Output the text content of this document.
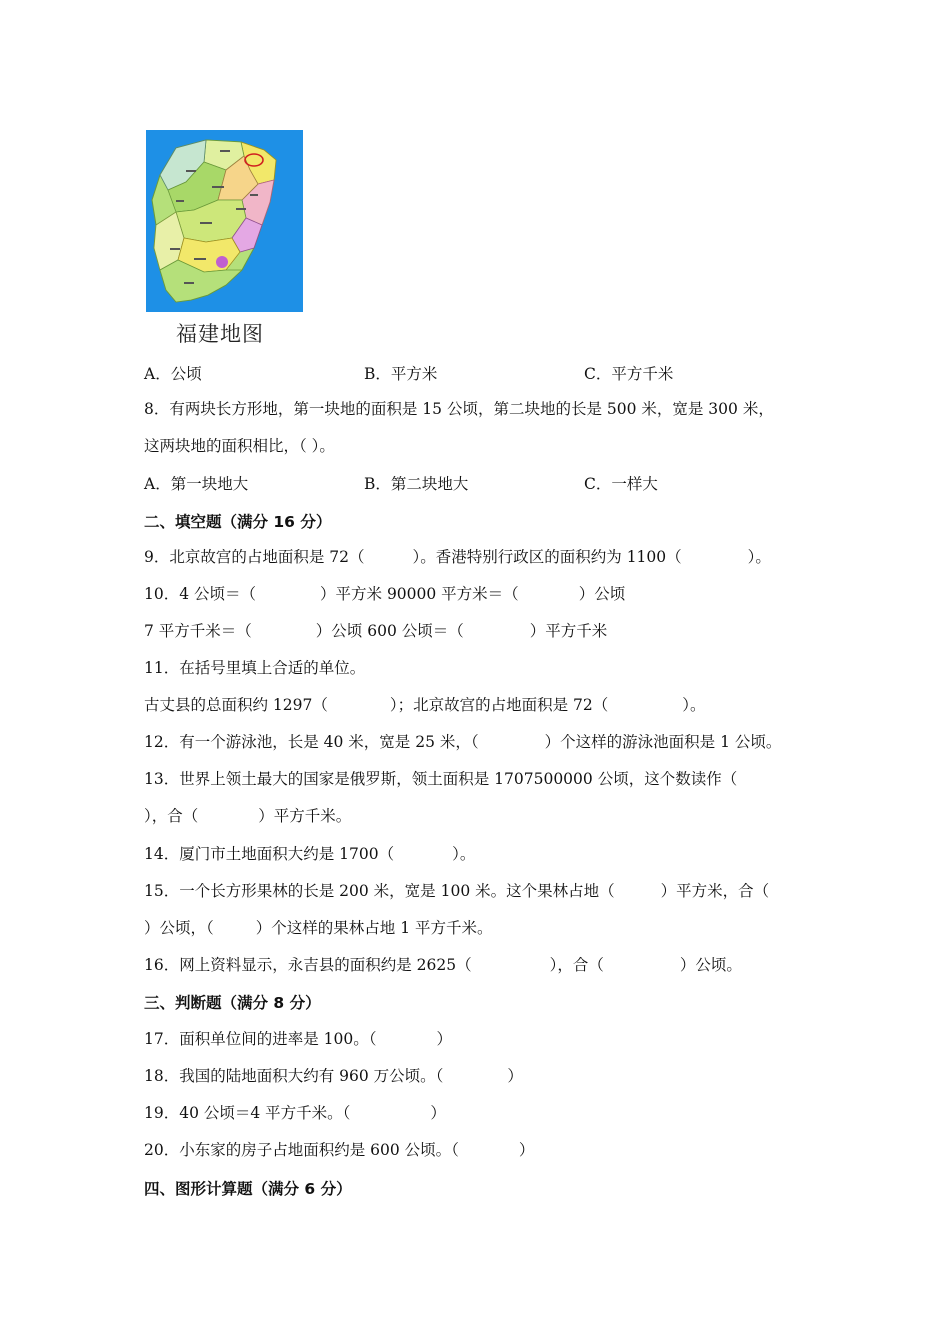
福建地图
A．公顷	B．平方米	C．平方千米
8．有两块长方形地，第一块地的面积是 15 公顷，第二块地的长是 500 米，宽是 300 米，
这两块地的面积相比，（ ）。
A．第一块地大	B．第二块地大	C．一样大
二、填空题（满分 16 分）
9．北京故宫的占地面积是 72（	）。香港特别行政区的面积约为 1100（	）。
10．4 公顷＝（	）平方米 90000 平方米＝（	）公顷
7 平方千米＝（	）公顷 600 公顷＝（	）平方千米
11．在括号里填上合适的单位。
古丈县的总面积约 1297（	）；北京故宫的占地面积是 72（	）。
12．有一个游泳池，长是 40 米，宽是 25 米，（	）个这样的游泳池面积是 1 公顷。
13．世界上领土最大的国家是俄罗斯，领土面积是 1707500000 公顷，这个数读作（
），合（	）平方千米。
14．厦门市土地面积大约是 1700（	）。
15．一个长方形果林的长是 200 米，宽是 100 米。这个果林占地（	）平方米，合（
）公顷，（	）个这样的果林占地 1 平方千米。
16．网上资料显示，永吉县的面积约是 2625（	），合（	）公顷。
三、判断题（满分 8 分）
17．面积单位间的进率是 100。（	）
18．我国的陆地面积大约有 960 万公顷。（	）
19．40 公顷＝4 平方千米。（	）
20．小东家的房子占地面积约是 600 公顷。（	）
四、图形计算题（满分 6 分）
